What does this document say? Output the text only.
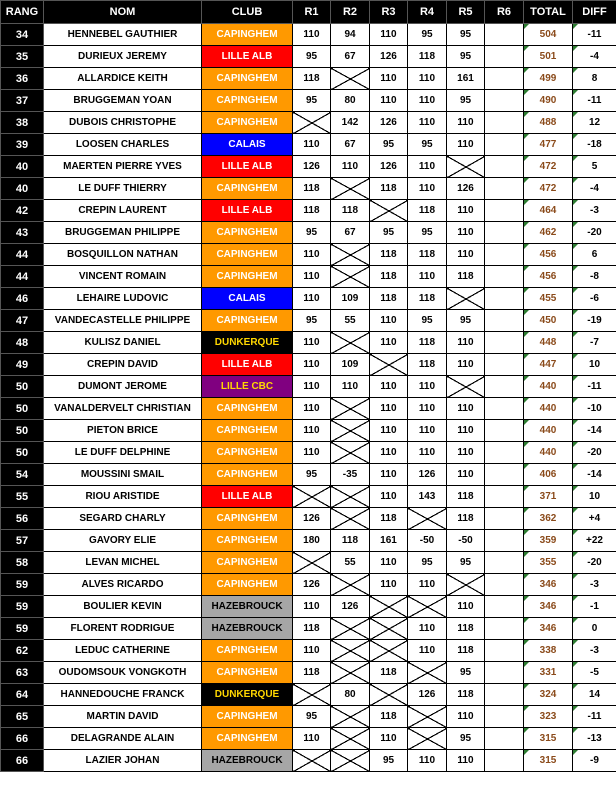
RANG	NOM	CLUB	R1	R2	R3	R4	R5	R6	TOTAL	DIFF
34	HENNEBEL GAUTHIER	CAPINGHEM	110	94	110	95	95		504	-11
35	DURIEUX JEREMY	LILLE ALB	95	67	126	118	95		501	-4
36	ALLARDICE KEITH	CAPINGHEM	118		110	110	161		499	8
37	BRUGGEMAN YOAN	CAPINGHEM	95	80	110	110	95		490	-11
38	DUBOIS CHRISTOPHE	CAPINGHEM		142	126	110	110		488	12
39	LOOSEN CHARLES	CALAIS	110	67	95	95	110		477	-18
40	MAERTEN PIERRE YVES	LILLE ALB	126	110	126	110			472	5
40	LE DUFF THIERRY	CAPINGHEM	118		118	110	126		472	-4
42	CREPIN LAURENT	LILLE ALB	118	118		118	110		464	-3
43	BRUGGEMAN PHILIPPE	CAPINGHEM	95	67	95	95	110		462	-20
44	BOSQUILLON NATHAN	CAPINGHEM	110		118	118	110		456	6
44	VINCENT ROMAIN	CAPINGHEM	110		118	110	118		456	-8
46	LEHAIRE LUDOVIC	CALAIS	110	109	118	118			455	-6
47	VANDECASTELLE PHILIPPE	CAPINGHEM	95	55	110	95	95		450	-19
48	KULISZ DANIEL	DUNKERQUE	110		110	118	110		448	-7
49	CREPIN DAVID	LILLE ALB	110	109		118	110		447	10
50	DUMONT JEROME	LILLE CBC	110	110	110	110			440	-11
50	VANALDERVELT CHRISTIAN	CAPINGHEM	110		110	110	110		440	-10
50	PIETON BRICE	CAPINGHEM	110		110	110	110		440	-14
50	LE DUFF DELPHINE	CAPINGHEM	110		110	110	110		440	-20
54	MOUSSINI SMAIL	CAPINGHEM	95	-35	110	126	110		406	-14
55	RIOU ARISTIDE	LILLE ALB			110	143	118		371	10
56	SEGARD CHARLY	CAPINGHEM	126		118		118		362	+4
57	GAVORY ELIE	CAPINGHEM	180	118	161	-50	-50		359	+22
58	LEVAN MICHEL	CAPINGHEM		55	110	95	95		355	-20
59	ALVES RICARDO	CAPINGHEM	126		110	110			346	-3
59	BOULIER KEVIN	HAZEBROUCK	110	126			110		346	-1
59	FLORENT RODRIGUE	HAZEBROUCK	118			110	118		346	0
62	LEDUC CATHERINE	CAPINGHEM	110			110	118		338	-3
63	OUDOMSOUK VONGKOTH	CAPINGHEM	118		118		95		331	-5
64	HANNEDOUCHE FRANCK	DUNKERQUE		80		126	118		324	14
65	MARTIN DAVID	CAPINGHEM	95		118		110		323	-11
66	DELAGRANDE ALAIN	CAPINGHEM	110		110		95		315	-13
66	LAZIER JOHAN	HAZEBROUCK			95	110	110		315	-9
